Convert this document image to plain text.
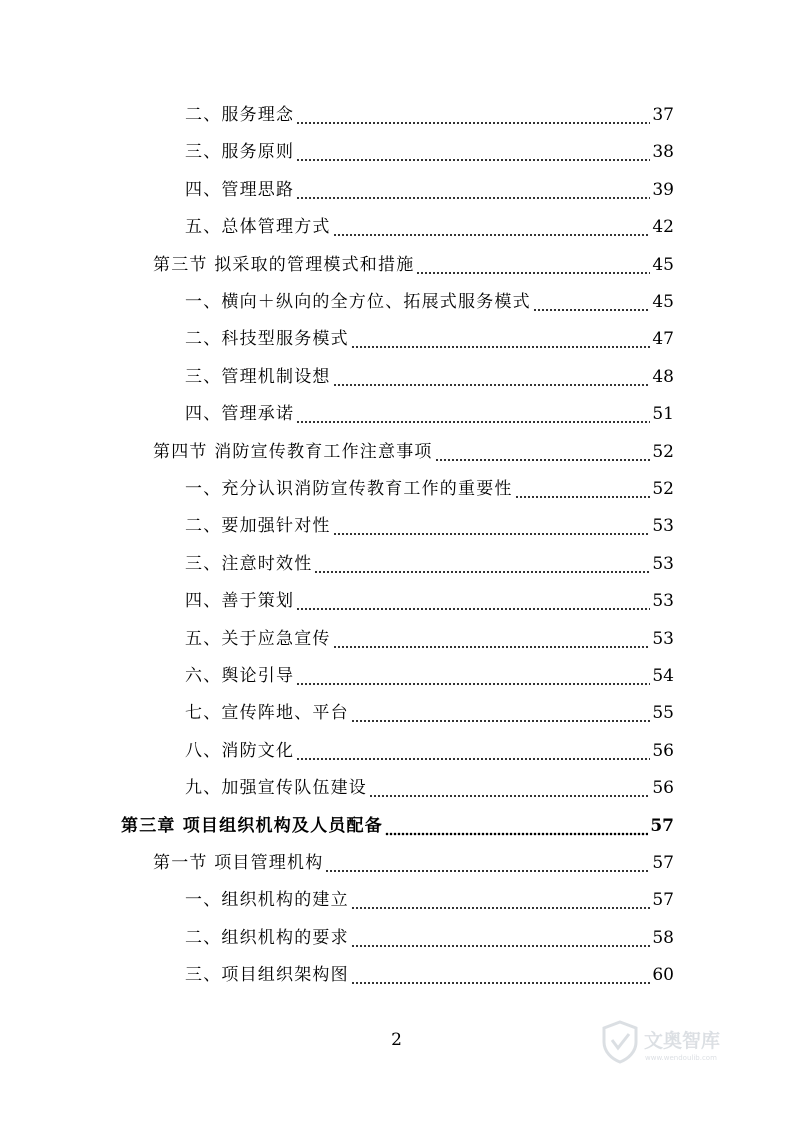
二、服务理念	37
三、服务原则	38
四、管理思路	39
五、总体管理方式	42
第三节 拟采取的管理模式和措施	45
一、横向＋纵向的全方位、拓展式服务模式	45
二、科技型服务模式	47
三、管理机制设想	48
四、管理承诺	51
第四节 消防宣传教育工作注意事项	52
一、充分认识消防宣传教育工作的重要性	52
二、要加强针对性	53
三、注意时效性	53
四、善于策划	53
五、关于应急宣传	53
六、舆论引导	54
七、宣传阵地、平台	55
八、消防文化	56
九、加强宣传队伍建设	56
第三章 项目组织机构及人员配备	57
第一节 项目管理机构	57
一、组织机构的建立	57
二、组织机构的要求	58
三、项目组织架构图	60
2	文奥智库
www.wendoulib.com
